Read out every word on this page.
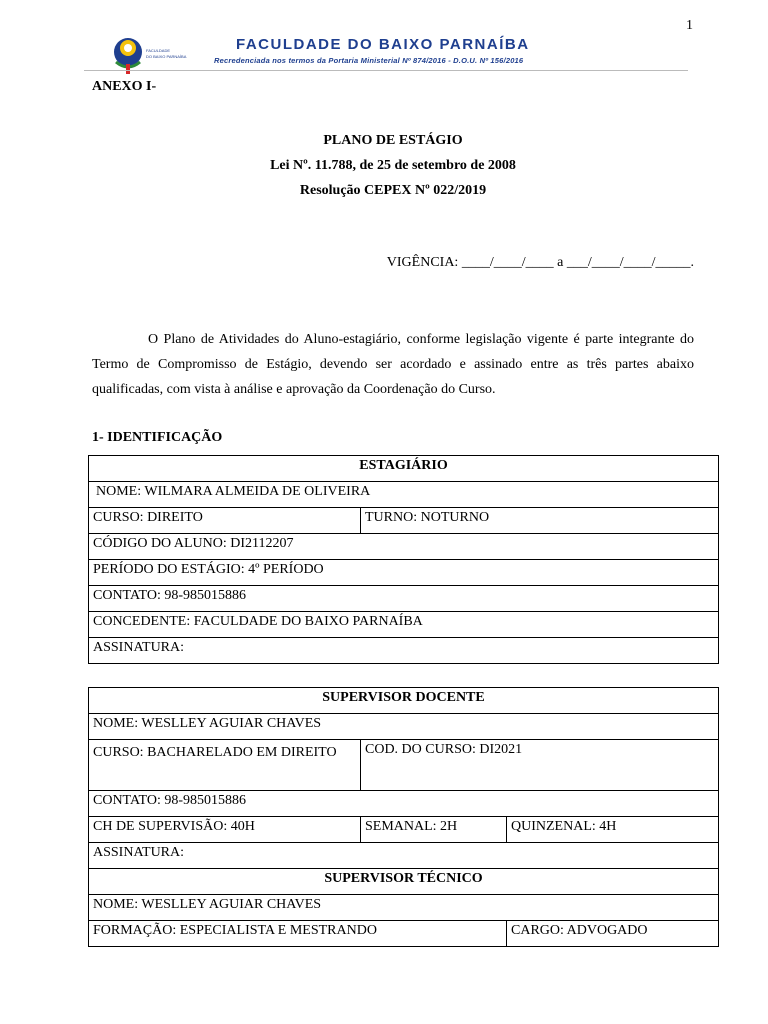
1
FACULDADE
DO BAIXO PARNAÍBA
FACULDADE DO BAIXO PARNAÍBA
Recredenciada nos termos da Portaria Ministerial Nº 874/2016 - D.O.U. Nº 156/2016
ANEXO I-
PLANO DE ESTÁGIO
Lei Nº. 11.788, de 25 de setembro de 2008
Resolução CEPEX Nº 022/2019
VIGÊNCIA: ____/____/____ a ___/____/____/_____.
O Plano de Atividades do Aluno-estagiário, conforme legislação vigente é parte integrante do Termo de Compromisso de Estágio, devendo ser acordado e assinado entre as três partes abaixo qualificadas, com vista à análise e aprovação da Coordenação do Curso.
1- IDENTIFICAÇÃO
ESTAGIÁRIO
NOME: WILMARA ALMEIDA DE OLIVEIRA
CURSO: DIREITO	TURNO: NOTURNO
CÓDIGO DO ALUNO: DI2112207
PERÍODO DO ESTÁGIO: 4º PERÍODO
CONTATO: 98-985015886
CONCEDENTE: FACULDADE DO BAIXO PARNAÍBA
ASSINATURA:
SUPERVISOR DOCENTE		
NOME: WESLLEY AGUIAR CHAVES		
CURSO: BACHARELADO EM DIREITO	COD. DO CURSO: DI2021	
CONTATO: 98-985015886		
CH DE SUPERVISÃO: 40H	SEMANAL: 2H	QUINZENAL: 4H
ASSINATURA:		
SUPERVISOR TÉCNICO		
NOME: WESLLEY AGUIAR CHAVES		
FORMAÇÃO: ESPECIALISTA E MESTRANDO		CARGO: ADVOGADO
